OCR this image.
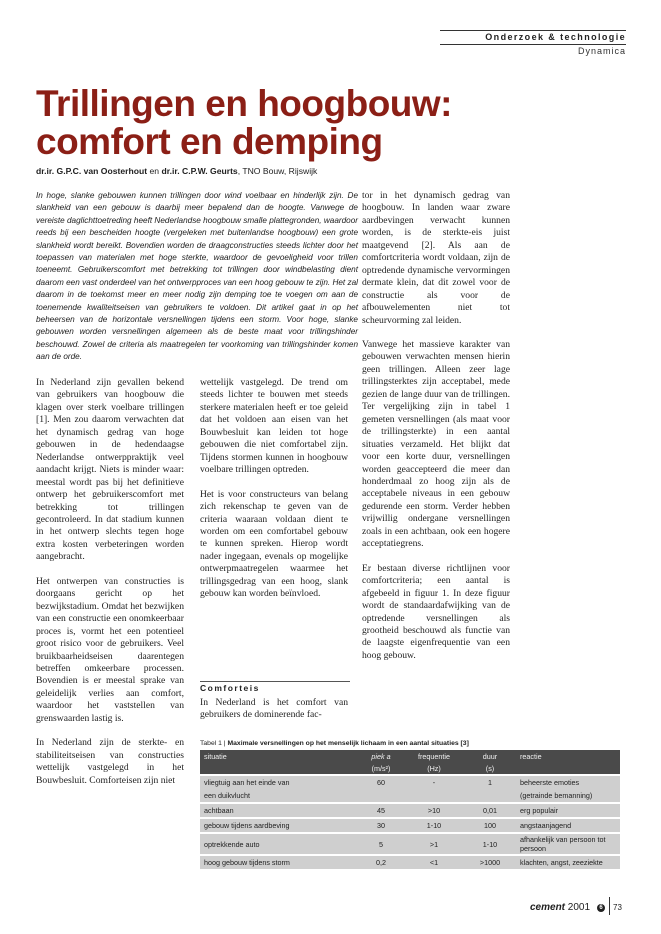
Onderzoek & technologie
Dynamica
Trillingen en hoogbouw:
comfort en demping
dr.ir. G.P.C. van Oosterhout en dr.ir. C.P.W. Geurts, TNO Bouw, Rijswijk

In hoge, slanke gebouwen kunnen trillingen door wind voelbaar en hinderlijk zijn. De slankheid van een gebouw is daarbij meer bepalend dan de hoogte. Vanwege de vereiste daglichttoetreding heeft Nederlandse hoogbouw smalle plattegronden, waardoor reeds bij een bescheiden hoogte (vergeleken met buitenlandse hoogbouw) een grote slankheid wordt bereikt. Bovendien worden de draagconstructies steeds lichter door het toepassen van materialen met hoge sterkte, waardoor de gevoeligheid voor trillen toeneemt. Gebruikerscomfort met betrekking tot trillingen door windbelasting dient daarom een vast onderdeel van het ontwerpproces van een hoog gebouw te zijn. Het zal daarom in de toekomst meer en meer nodig zijn demping toe te voegen om aan de toenemende kwaliteitseisen van gebruikers te voldoen. Dit artikel gaat in op het beheersen van de horizontale versnellingen tijdens een storm. Voor hoge, slanke gebouwen worden versnellingen algemeen als de beste maat voor trillingshinder beschouwd. Zowel de criteria als maatregelen ter voorkoming van trillingshinder komen aan de orde.

In Nederland zijn gevallen bekend van gebruikers van hoogbouw die klagen over sterk voelbare trillingen [1]. Men zou daarom verwachten dat het dynamisch gedrag van hoge gebouwen in de hedendaagse Nederlandse ontwerppraktijk veel aandacht krijgt. Niets is minder waar: meestal wordt pas bij het definitieve ontwerp het gebruikerscomfort met betrekking tot trillingen gecontroleerd. In dat stadium kunnen in het ontwerp slechts tegen hoge extra kosten verbeteringen worden aangebracht.

Het ontwerpen van constructies is doorgaans gericht op het bezwijkstadium. Omdat het bezwijken van een constructie een onomkeerbaar proces is, vormt het een potentieel groot risico voor de gebruikers. Veel bruikbaarheidseisen daarentegen betreffen omkeerbare processen. Bovendien is er meestal sprake van geleidelijk verlies aan comfort, waardoor het vaststellen van grenswaarden lastig is.

In Nederland zijn de sterkte- en stabiliteitseisen van constructies wettelijk vastgelegd in het Bouwbesluit. Comforteisen zijn niet

wettelijk vastgelegd. De trend om steeds lichter te bouwen met steeds sterkere materialen heeft er toe geleid dat het voldoen aan eisen van het Bouwbesluit kan leiden tot hoge gebouwen die niet comfortabel zijn. Tijdens stormen kunnen in hoogbouw voelbare trillingen optreden.

Het is voor constructeurs van belang zich rekenschap te geven van de criteria waaraan voldaan dient te worden om een comfortabel gebouw te kunnen spreken. Hierop wordt nader ingegaan, evenals op mogelijke ontwerpmaatregelen waarmee het trillingsgedrag van een hoog, slank gebouw kan worden beïnvloed.

Comforteis

In Nederland is het comfort van gebruikers de dominerende fac-

tor in het dynamisch gedrag van hoogbouw. In landen waar zware aardbevingen verwacht kunnen worden, is de sterkte-eis juist maatgevend [2]. Als aan de comfortcriteria wordt voldaan, zijn de optredende dynamische vervormingen dermate klein, dat dit zowel voor de constructie als voor de afbouwelementen niet tot scheurvorming zal leiden.

Vanwege het massieve karakter van gebouwen verwachten mensen hierin geen trillingen. Alleen zeer lage trillingsterktes zijn acceptabel, mede gezien de lange duur van de trillingen. Ter vergelijking zijn in tabel 1 gemeten versnellingen (als maat voor de trillingsterkte) in een aantal situaties verzameld. Het blijkt dat voor een korte duur, versnellingen worden geaccepteerd die meer dan honderdmaal zo hoog zijn als de acceptabele niveaus in een gebouw gedurende een storm. Verder hebben vrijwillig ondergane versnellingen zoals in een achtbaan, ook een hogere acceptatiegrens.

Er bestaan diverse richtlijnen voor comfortcriteria; een aantal is afgebeeld in figuur 1. In deze figuur wordt de standaardafwijking van de optredende versnellingen als grootheid beschouwd als functie van de laagste eigenfrequentie van een hoog gebouw.

Tabel 1 | Maximale versnellingen op het menselijk lichaam in een aantal situaties [3]
situatie	piek a	frequentie	duur	reactie
	(m/s²)	(Hz)	(s)	
vliegtuig aan het einde van	60	-	1	beheerste emoties
een duikvlucht				(getrainde bemanning)
achtbaan	45	>10	0,01	erg populair
gebouw tijdens aardbeving	30	1-10	100	angstaanjagend
optrekkende auto	5	>1	1-10	afhankelijk van persoon tot persoon
hoog gebouw tijdens storm	0,2	<1	>1000	klachten, angst, zeeziekte
cement 2001	6 73
